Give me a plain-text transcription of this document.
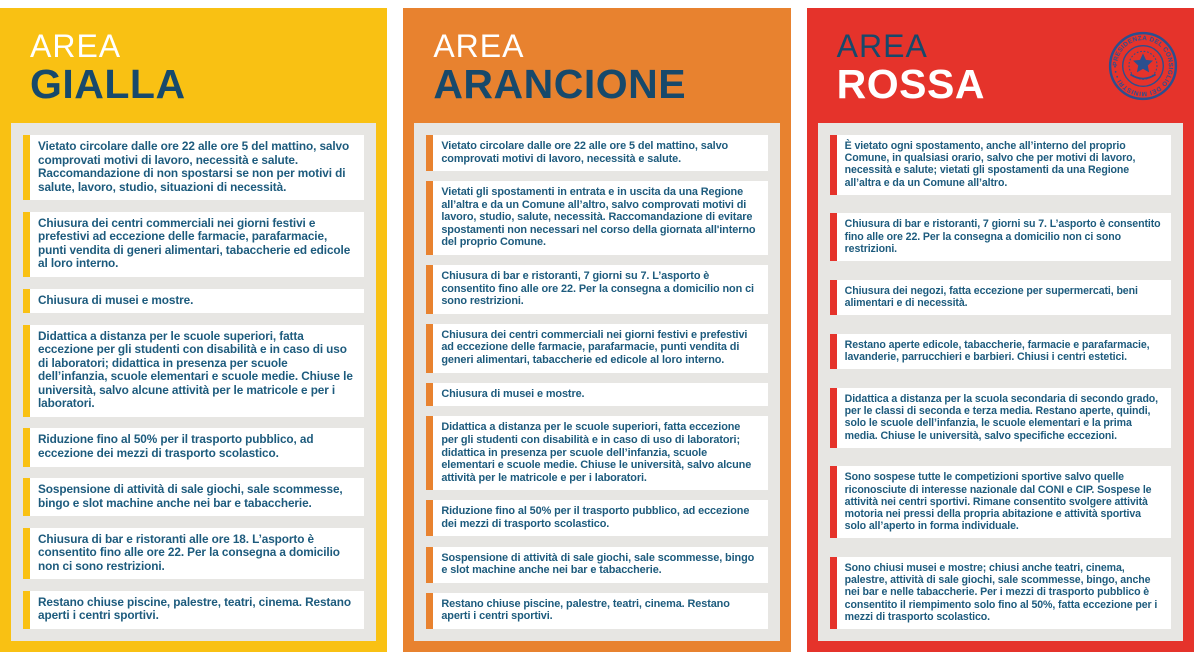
AREA
GIALLA

Vietato circolare dalle ore 22 alle ore 5 del mattino, salvo comprovati motivi di lavoro, necessità e salute. Raccomandazione di non spostarsi se non per motivi di salute, lavoro, studio, situazioni di necessità.

Chiusura dei centri commerciali nei giorni festivi e prefestivi ad eccezione delle farmacie, parafarmacie, punti vendita di generi alimentari, tabaccherie ed edicole al loro interno.

Chiusura di musei e mostre.

Didattica a distanza per le scuole superiori, fatta eccezione per gli studenti con disabilità e in caso di uso di laboratori; didattica in presenza per scuole dell’infanzia, scuole elementari e scuole medie. Chiuse le università, salvo alcune attività per le matricole e per i laboratori.

Riduzione fino al 50% per il trasporto pubblico, ad eccezione dei mezzi di trasporto scolastico.

Sospensione di attività di sale giochi, sale scommesse, bingo e slot machine anche nei bar e tabaccherie.

Chiusura di bar e ristoranti alle ore 18. L’asporto è consentito fino alle ore 22. Per la consegna a domicilio non ci sono restrizioni.

Restano chiuse piscine, palestre, teatri, cinema. Restano aperti i centri sportivi.

AREA
ARANCIONE

Vietato circolare dalle ore 22 alle ore 5 del mattino, salvo comprovati motivi di lavoro, necessità e salute.

Vietati gli spostamenti in entrata e in uscita da una Regione all’altra e da un Comune all’altro, salvo comprovati motivi di lavoro, studio, salute, necessità. Raccomandazione di evitare spostamenti non necessari nel corso della giornata all'interno del proprio Comune.

Chiusura di bar e ristoranti, 7 giorni su 7. L’asporto è consentito fino alle ore 22. Per la consegna a domicilio non ci sono restrizioni.

Chiusura dei centri commerciali nei giorni festivi e prefestivi ad eccezione delle farmacie, parafarmacie, punti vendita di generi alimentari, tabaccherie ed edicole al loro interno.

Chiusura di musei e mostre.

Didattica a distanza per le scuole superiori, fatta eccezione per gli studenti con disabilità e in caso di uso di laboratori; didattica in presenza per scuole dell’infanzia, scuole elementari e scuole medie. Chiuse le università, salvo alcune attività per le matricole e per i laboratori.

Riduzione fino al 50% per il trasporto pubblico, ad eccezione dei mezzi di trasporto scolastico.

Sospensione di attività di sale giochi, sale scommesse, bingo e slot machine anche nei bar e tabaccherie.

Restano chiuse piscine, palestre, teatri, cinema. Restano aperti i centri sportivi.

AREA
ROSSA	PRESIDENZA DEL CONSIGLIO DEI MINISTRI • • •

È vietato ogni spostamento, anche all’interno del proprio Comune, in qualsiasi orario, salvo che per motivi di lavoro, necessità e salute; vietati gli spostamenti da una Regione all’altra e da un Comune all’altro.

Chiusura di bar e ristoranti, 7 giorni su 7. L’asporto è consentito fino alle ore 22. Per la consegna a domicilio non ci sono restrizioni.

Chiusura dei negozi, fatta eccezione per supermercati, beni alimentari e di necessità.

Restano aperte edicole, tabaccherie, farmacie e parafarmacie, lavanderie, parrucchieri e barbieri. Chiusi i centri estetici.

Didattica a distanza per la scuola secondaria di secondo grado, per le classi di seconda e terza media. Restano aperte, quindi, solo le scuole dell’infanzia, le scuole elementari e la prima media. Chiuse le università, salvo specifiche eccezioni.

Sono sospese tutte le competizioni sportive salvo quelle riconosciute di interesse nazionale dal CONI e CIP. Sospese le attività nei centri sportivi. Rimane consentito svolgere attività motoria nei pressi della propria abitazione e attività sportiva solo all’aperto in forma individuale.

Sono chiusi musei e mostre; chiusi anche teatri, cinema, palestre, attività di sale giochi, sale scommesse, bingo, anche nei bar e nelle tabaccherie. Per i mezzi di trasporto pubblico è consentito il riempimento solo fino al 50%, fatta eccezione per i mezzi di trasporto scolastico.
